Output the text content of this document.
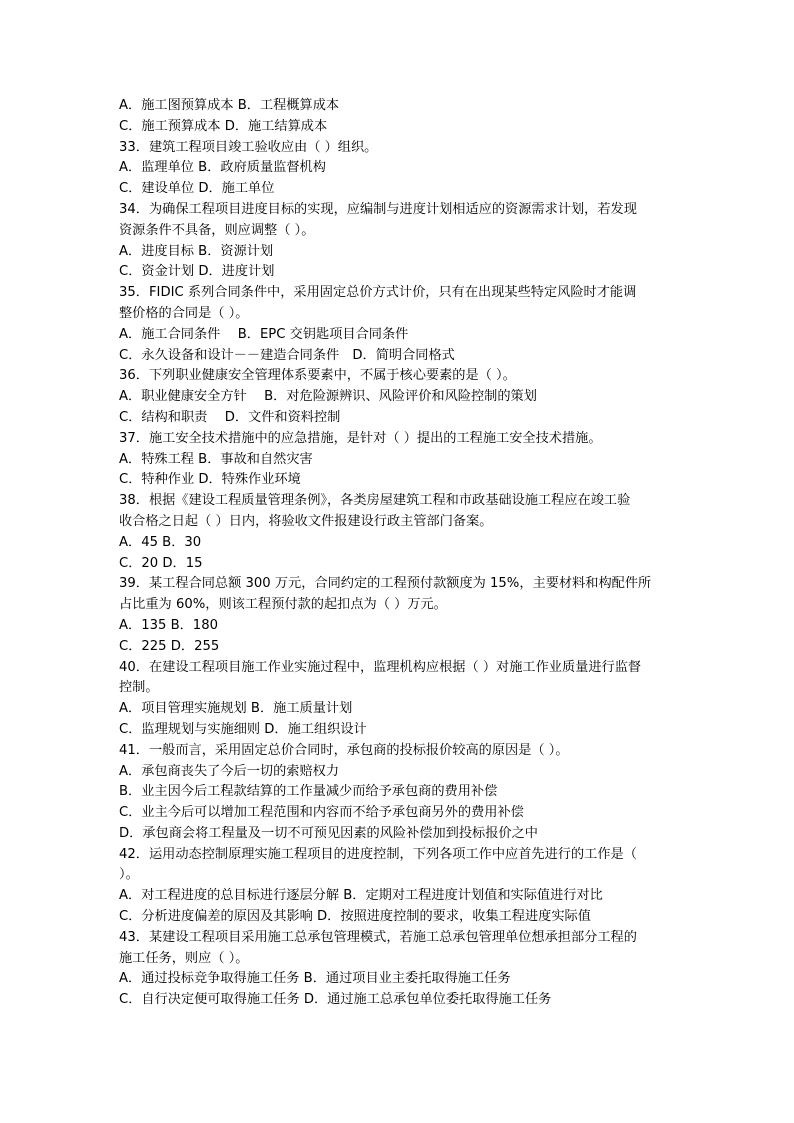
A．施工图预算成本 B．工程概算成本
C．施工预算成本 D．施工结算成本
33．建筑工程项目竣工验收应由（ ）组织。
A．监理单位 B．政府质量监督机构
C．建设单位 D．施工单位
34．为确保工程项目进度目标的实现，应编制与进度计划相适应的资源需求计划，若发现
资源条件不具备，则应调整（ ）。
A．进度目标 B．资源计划
C．资金计划 D．进度计划
35．FIDIC 系列合同条件中，采用固定总价方式计价，只有在出现某些特定风险时才能调
整价格的合同是（ ）。
A．施工合同条件　 B．EPC 交钥匙项目合同条件
C．永久设备和设计－－建造合同条件　D．简明合同格式
36．下列职业健康安全管理体系要素中，不属于核心要素的是（ ）。
A．职业健康安全方针　 B．对危险源辨识、风险评价和风险控制的策划
C．结构和职责　 D．文件和资料控制
37．施工安全技术措施中的应急措施，是针对（ ）提出的工程施工安全技术措施。
A．特殊工程 B．事故和自然灾害
C．特种作业 D．特殊作业环境
38．根据《建设工程质量管理条例》，各类房屋建筑工程和市政基础设施工程应在竣工验
收合格之日起（ ）日内，将验收文件报建设行政主管部门备案。
A．45 B．30
C．20 D．15
39．某工程合同总额 300 万元，合同约定的工程预付款额度为 15%，主要材料和构配件所
占比重为 60%，则该工程预付款的起扣点为（ ）万元。
A．135 B．180
C．225 D．255
40．在建设工程项目施工作业实施过程中，监理机构应根据（ ）对施工作业质量进行监督
控制。
A．项目管理实施规划 B．施工质量计划
C．监理规划与实施细则 D．施工组织设计
41．一般而言，采用固定总价合同时，承包商的投标报价较高的原因是（ ）。
A．承包商丧失了今后一切的索赔权力
B．业主因今后工程款结算的工作量减少而给予承包商的费用补偿
C．业主今后可以增加工程范围和内容而不给予承包商另外的费用补偿
D．承包商会将工程量及一切不可预见因素的风险补偿加到投标报价之中
42．运用动态控制原理实施工程项目的进度控制，下列各项工作中应首先进行的工作是（
）。
A．对工程进度的总目标进行逐层分解 B．定期对工程进度计划值和实际值进行对比
C．分析进度偏差的原因及其影响 D．按照进度控制的要求，收集工程进度实际值
43．某建设工程项目采用施工总承包管理模式，若施工总承包管理单位想承担部分工程的
施工任务，则应（ ）。
A．通过投标竞争取得施工任务 B．通过项目业主委托取得施工任务
C．自行决定便可取得施工任务 D．通过施工总承包单位委托取得施工任务
